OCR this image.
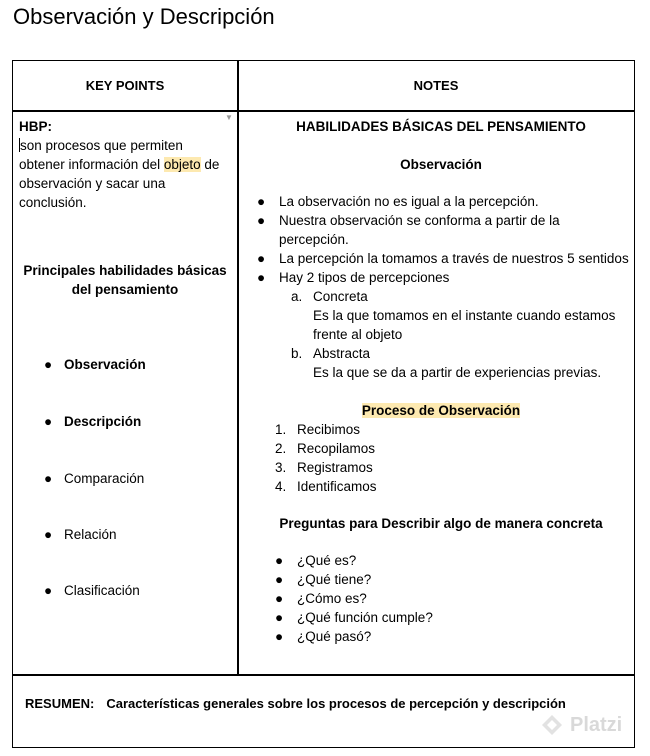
Observación y Descripción
KEY POINTS	NOTES
▼
HBP:
son procesos que permiten
obtener información del objeto de
observación y sacar una
conclusión.
Principales habilidades básicas
del pensamiento
● Observación
● Descripción
● Comparación
● Relación
● Clasificación
HABILIDADES BÁSICAS DEL PENSAMIENTO
Observación
● La observación no es igual a la percepción.
● Nuestra observación se conforma a partir de la
percepción.
● La percepción la tomamos a través de nuestros 5 sentidos
● Hay 2 tipos de percepciones
a. Concreta
Es la que tomamos en el instante cuando estamos
frente al objeto
b. Abstracta
Es la que se da a partir de experiencias previas.
Proceso de Observación
1. Recibimos
2. Recopilamos
3. Registramos
4. Identificamos
Preguntas para Describir algo de manera concreta
● ¿Qué es?
● ¿Qué tiene?
● ¿Cómo es?
● ¿Qué función cumple?
● ¿Qué pasó?
RESUMEN: Características generales sobre los procesos de percepción y descripción
Platzi
